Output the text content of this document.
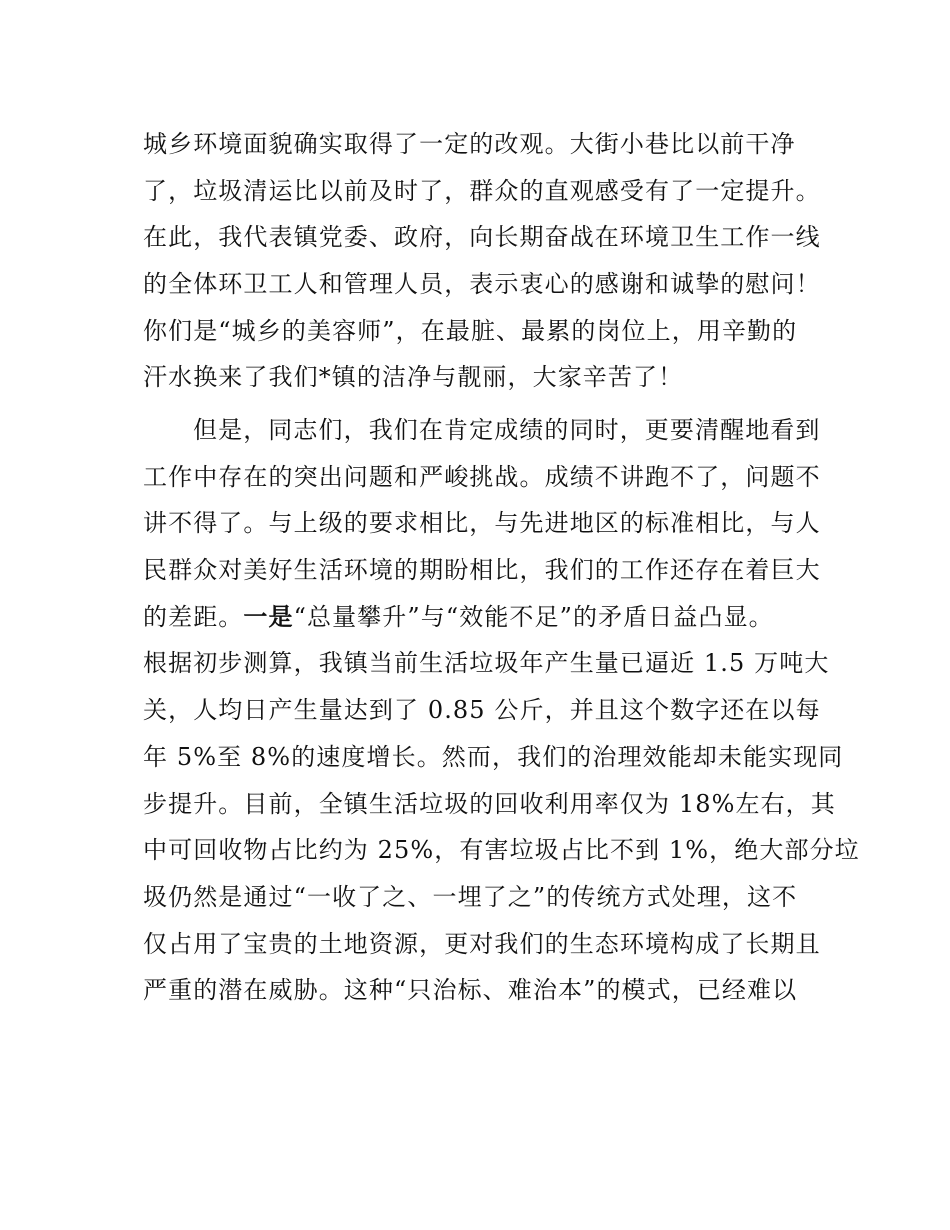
城乡环境面貌确实取得了一定的改观。大街小巷比以前干净
了，垃圾清运比以前及时了，群众的直观感受有了一定提升。
在此，我代表镇党委、政府，向长期奋战在环境卫生工作一线
的全体环卫工人和管理人员，表示衷心的感谢和诚挚的慰问！
你们是“城乡的美容师”，在最脏、最累的岗位上，用辛勤的
汗水换来了我们*镇的洁净与靓丽，大家辛苦了！
但是，同志们，我们在肯定成绩的同时，更要清醒地看到
工作中存在的突出问题和严峻挑战。成绩不讲跑不了，问题不
讲不得了。与上级的要求相比，与先进地区的标准相比，与人
民群众对美好生活环境的期盼相比，我们的工作还存在着巨大
的差距。一是“总量攀升”与“效能不足”的矛盾日益凸显。
根据初步测算，我镇当前生活垃圾年产生量已逼近 1.5 万吨大
关，人均日产生量达到了 0.85 公斤，并且这个数字还在以每
年 5%至 8%的速度增长。然而，我们的治理效能却未能实现同
步提升。目前，全镇生活垃圾的回收利用率仅为 18%左右，其
中可回收物占比约为 25%，有害垃圾占比不到 1%，绝大部分垃
圾仍然是通过“一收了之、一埋了之”的传统方式处理，这不
仅占用了宝贵的土地资源，更对我们的生态环境构成了长期且
严重的潜在威胁。这种“只治标、难治本”的模式，已经难以
